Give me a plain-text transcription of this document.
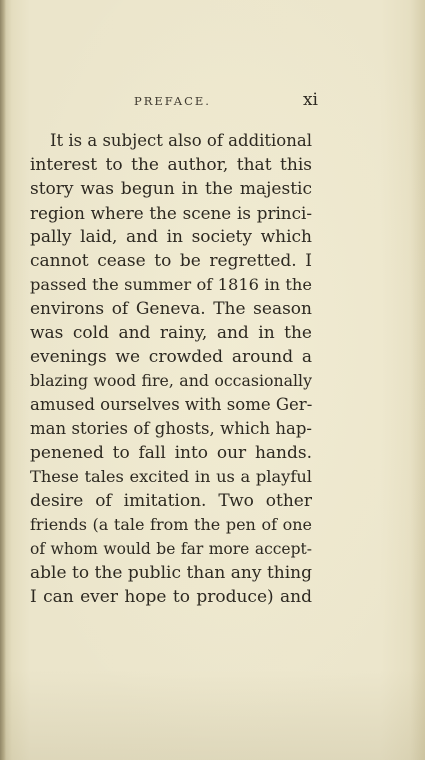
PREFACE.	xi
It is a subject also of additional
interest to the author, that this
story was begun in the majestic
region where the scene is princi-
pally laid, and in society which
cannot cease to be regretted. I
passed the summer of 1816 in the
environs of Geneva. The season
was cold and rainy, and in the
evenings we crowded around a
blazing wood fire, and occasionally
amused ourselves with some Ger-
man stories of ghosts, which hap-
penened to fall into our hands.
These tales excited in us a playful
desire of imitation. Two other
friends (a tale from the pen of one
of whom would be far more accept-
able to the public than any thing
I can ever hope to produce) and
